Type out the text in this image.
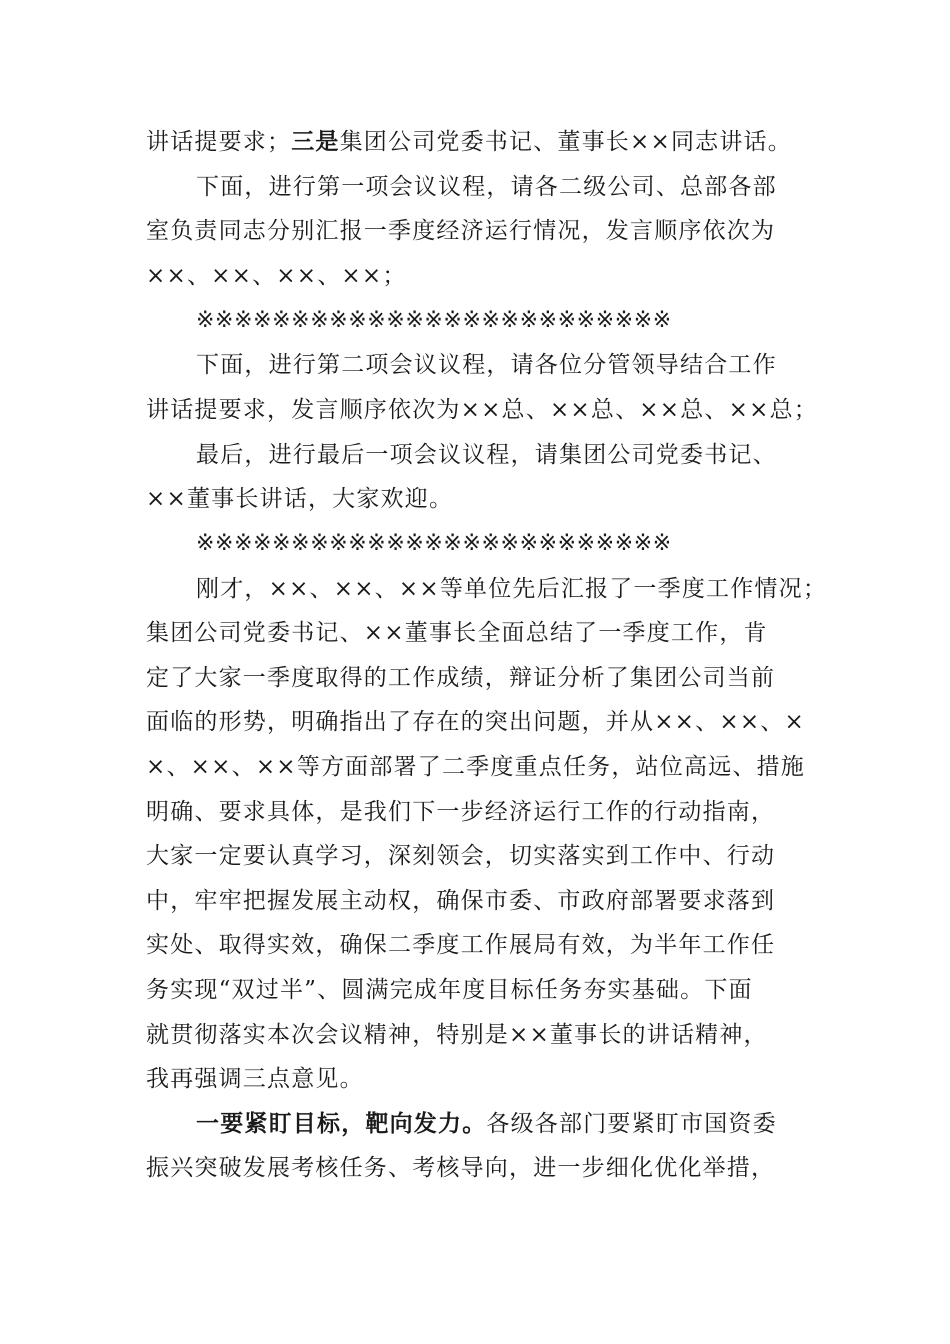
讲话提要求；三是集团公司党委书记、董事长××同志讲话。
下面，进行第一项会议议程，请各二级公司、总部各部
室负责同志分别汇报一季度经济运行情况，发言顺序依次为
××、××、××、××；
※※※※※※※※※※※※※※※※※※※※※※※※※
下面，进行第二项会议议程，请各位分管领导结合工作
讲话提要求，发言顺序依次为××总、××总、××总、××总；
最后，进行最后一项会议议程，请集团公司党委书记、
××董事长讲话，大家欢迎。
※※※※※※※※※※※※※※※※※※※※※※※※※
刚才，××、××、××等单位先后汇报了一季度工作情况；
集团公司党委书记、××董事长全面总结了一季度工作，肯
定了大家一季度取得的工作成绩，辩证分析了集团公司当前
面临的形势，明确指出了存在的突出问题，并从××、××、×
×、××、××等方面部署了二季度重点任务，站位高远、措施
明确、要求具体，是我们下一步经济运行工作的行动指南，
大家一定要认真学习，深刻领会，切实落实到工作中、行动
中，牢牢把握发展主动权，确保市委、市政府部署要求落到
实处、取得实效，确保二季度工作展局有效，为半年工作任
务实现“双过半”、圆满完成年度目标任务夯实基础。下面
就贯彻落实本次会议精神，特别是××董事长的讲话精神，
我再强调三点意见。
一要紧盯目标，靶向发力。各级各部门要紧盯市国资委
振兴突破发展考核任务、考核导向，进一步细化优化举措，
